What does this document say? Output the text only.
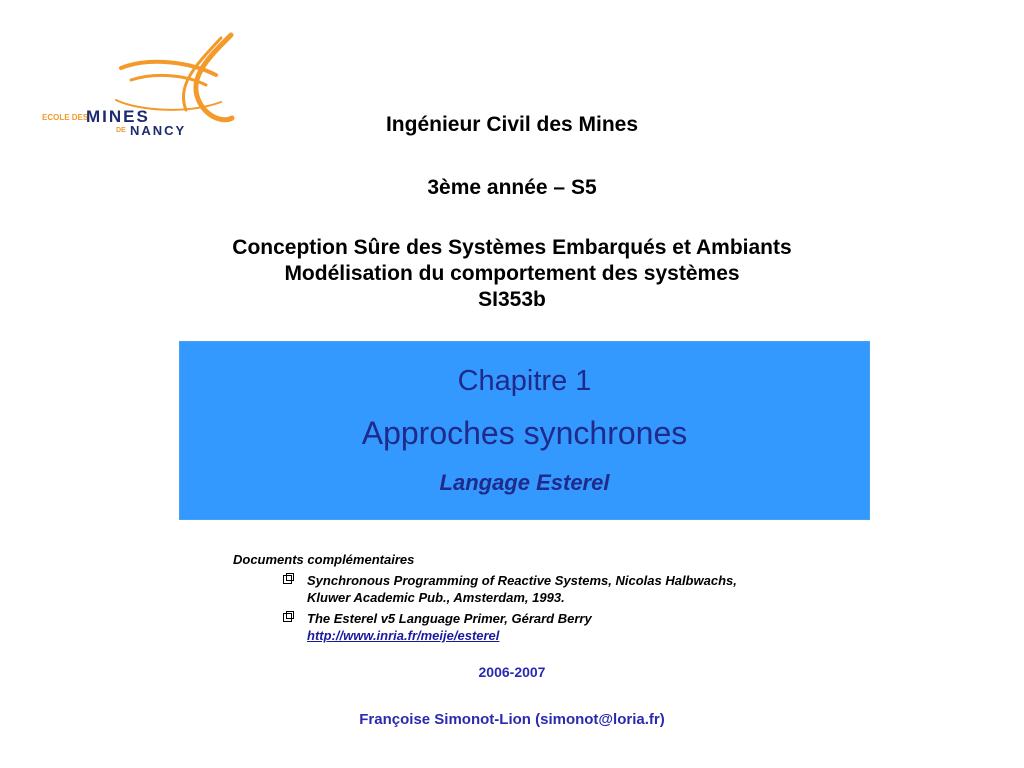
ECOLE DES
MINES
DE NANCY	Ingénieur Civil des Mines
3ème année – S5
Conception Sûre des Systèmes Embarqués et Ambiants
Modélisation du comportement des systèmes
SI353b
Chapitre 1
Approches synchrones
Langage Esterel
Documents complémentaires
Synchronous Programming of Reactive Systems, Nicolas Halbwachs,
Kluwer Academic Pub., Amsterdam, 1993.
The Esterel v5 Language Primer, Gérard Berry
http://www.inria.fr/meije/esterel
2006-2007
Françoise Simonot-Lion (simonot@loria.fr)
